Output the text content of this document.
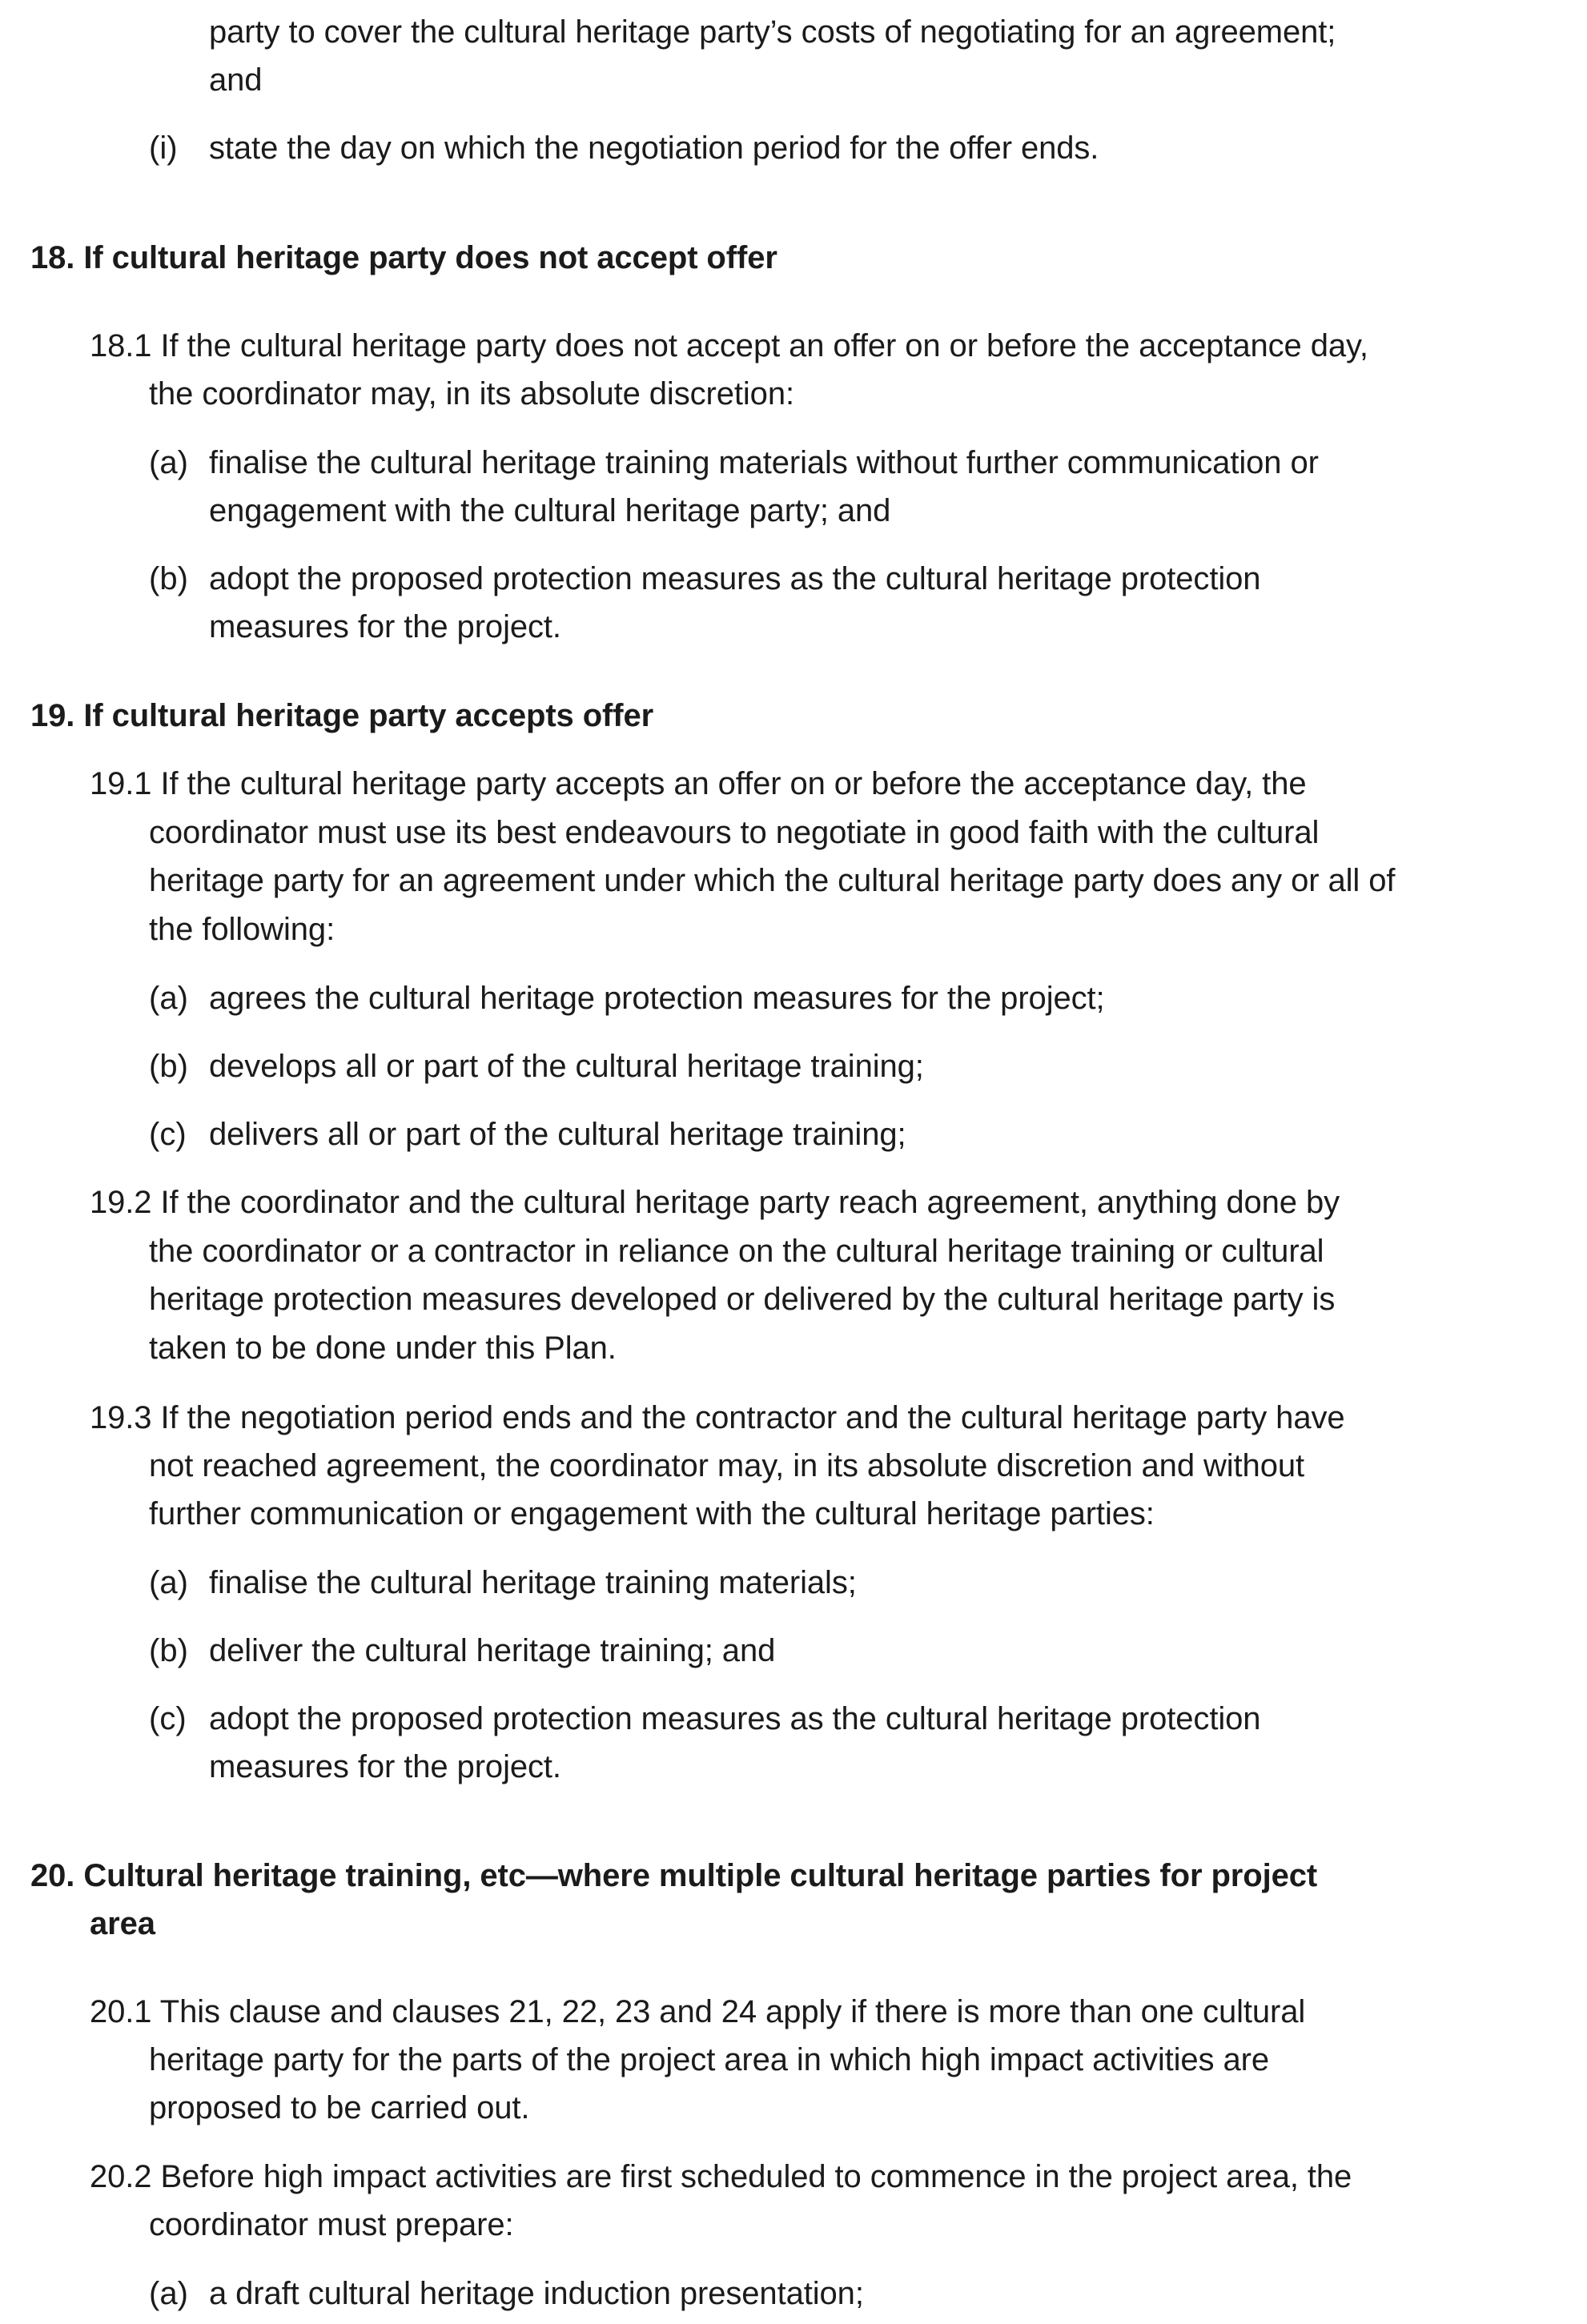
party to cover the cultural heritage party’s costs of negotiating for an agreement;
and
(i) state the day on which the negotiation period for the offer ends.
18. If cultural heritage party does not accept offer
18.1 If the cultural heritage party does not accept an offer on or before the acceptance day,
the coordinator may, in its absolute discretion:
(a) finalise the cultural heritage training materials without further communication or
engagement with the cultural heritage party; and
(b) adopt the proposed protection measures as the cultural heritage protection
measures for the project.
19. If cultural heritage party accepts offer
19.1 If the cultural heritage party accepts an offer on or before the acceptance day, the
coordinator must use its best endeavours to negotiate in good faith with the cultural
heritage party for an agreement under which the cultural heritage party does any or all of
the following:
(a) agrees the cultural heritage protection measures for the project;
(b) develops all or part of the cultural heritage training;
(c) delivers all or part of the cultural heritage training;
19.2 If the coordinator and the cultural heritage party reach agreement, anything done by
the coordinator or a contractor in reliance on the cultural heritage training or cultural
heritage protection measures developed or delivered by the cultural heritage party is
taken to be done under this Plan.
19.3 If the negotiation period ends and the contractor and the cultural heritage party have
not reached agreement, the coordinator may, in its absolute discretion and without
further communication or engagement with the cultural heritage parties:
(a) finalise the cultural heritage training materials;
(b) deliver the cultural heritage training; and
(c) adopt the proposed protection measures as the cultural heritage protection
measures for the project.
20. Cultural heritage training, etc—where multiple cultural heritage parties for project
area
20.1 This clause and clauses 21, 22, 23 and 24 apply if there is more than one cultural
heritage party for the parts of the project area in which high impact activities are
proposed to be carried out.
20.2 Before high impact activities are first scheduled to commence in the project area, the
coordinator must prepare:
(a) a draft cultural heritage induction presentation;
